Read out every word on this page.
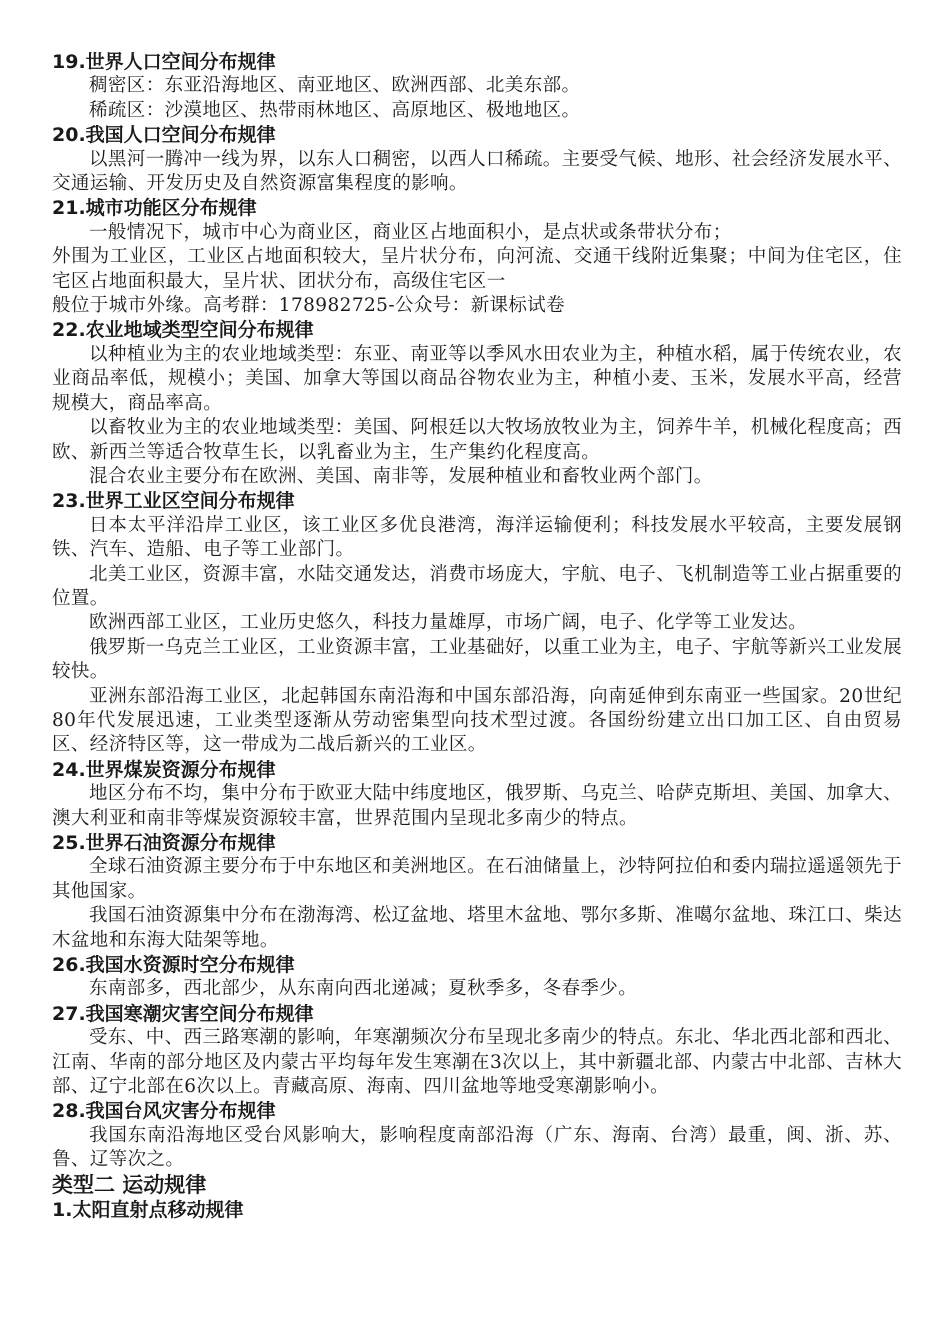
19.世界人口空间分布规律

稠密区：东亚沿海地区、南亚地区、欧洲西部、北美东部。

稀疏区：沙漠地区、热带雨林地区、高原地区、极地地区。

20.我国人口空间分布规律

以黑河一腾冲一线为界，以东人口稠密，以西人口稀疏。主要受气候、地形、社会经济发展水平、交通运输、开发历史及自然资源富集程度的影响。

21.城市功能区分布规律

一般情况下，城市中心为商业区，商业区占地面积小，是点状或条带状分布；

外围为工业区，工业区占地面积较大，呈片状分布，向河流、交通干线附近集聚；中间为住宅区，住宅区占地面积最大，呈片状、团状分布，高级住宅区一

般位于城市外缘。高考群：178982725-公众号：新课标试卷

22.农业地域类型空间分布规律

以种植业为主的农业地域类型：东亚、南亚等以季风水田农业为主，种植水稻，属于传统农业，农业商品率低，规模小；美国、加拿大等国以商品谷物农业为主，种植小麦、玉米，发展水平高，经营规模大，商品率高。

以畜牧业为主的农业地域类型：美国、阿根廷以大牧场放牧业为主，饲养牛羊，机械化程度高；西欧、新西兰等适合牧草生长，以乳畜业为主，生产集约化程度高。

混合农业主要分布在欧洲、美国、南非等，发展种植业和畜牧业两个部门。

23.世界工业区空间分布规律

日本太平洋沿岸工业区，该工业区多优良港湾，海洋运输便利；科技发展水平较高，主要发展钢铁、汽车、造船、电子等工业部门。

北美工业区，资源丰富，水陆交通发达，消费市场庞大，宇航、电子、飞机制造等工业占据重要的位置。

欧洲西部工业区，工业历史悠久，科技力量雄厚，市场广阔，电子、化学等工业发达。

俄罗斯一乌克兰工业区，工业资源丰富，工业基础好，以重工业为主，电子、宇航等新兴工业发展较快。

亚洲东部沿海工业区，北起韩国东南沿海和中国东部沿海，向南延伸到东南亚一些国家。20世纪80年代发展迅速，工业类型逐渐从劳动密集型向技术型过渡。各国纷纷建立出口加工区、自由贸易区、经济特区等，这一带成为二战后新兴的工业区。

24.世界煤炭资源分布规律

地区分布不均，集中分布于欧亚大陆中纬度地区，俄罗斯、乌克兰、哈萨克斯坦、美国、加拿大、澳大利亚和南非等煤炭资源较丰富，世界范围内呈现北多南少的特点。

25.世界石油资源分布规律

全球石油资源主要分布于中东地区和美洲地区。在石油储量上，沙特阿拉伯和委内瑞拉遥遥领先于其他国家。

我国石油资源集中分布在渤海湾、松辽盆地、塔里木盆地、鄂尔多斯、准噶尔盆地、珠江口、柴达木盆地和东海大陆架等地。

26.我国水资源时空分布规律

东南部多，西北部少，从东南向西北递减；夏秋季多，冬春季少。

27.我国寒潮灾害空间分布规律

受东、中、西三路寒潮的影响，年寒潮频次分布呈现北多南少的特点。东北、华北西北部和西北、江南、华南的部分地区及内蒙古平均每年发生寒潮在3次以上，其中新疆北部、内蒙古中北部、吉林大部、辽宁北部在6次以上。青藏高原、海南、四川盆地等地受寒潮影响小。

28.我国台风灾害分布规律

我国东南沿海地区受台风影响大，影响程度南部沿海（广东、海南、台湾）最重，闽、浙、苏、鲁、辽等次之。

类型二 运动规律

1.太阳直射点移动规律
